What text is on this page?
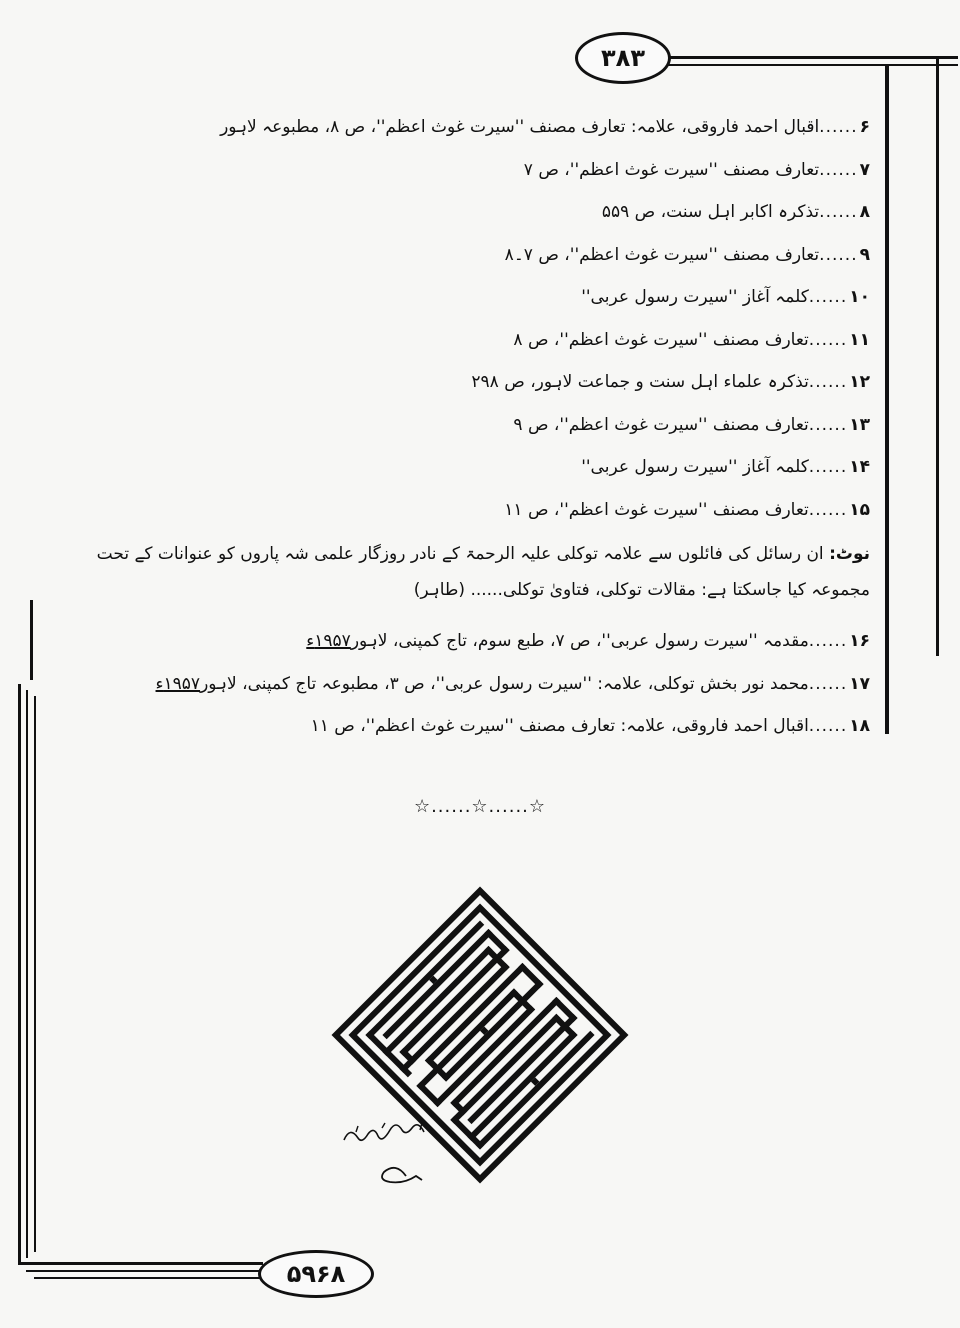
۳۸۳
۶
......
اقبال احمد فاروقی، علامہ: تعارف مصنف ''سیرت غوث اعظم''، ص ۸، مطبوعہ لاہور
۷
......
تعارف مصنف ''سیرت غوث اعظم''، ص ۷
۸
......
تذکرہ اکابر اہل سنت، ص ۵۵۹
۹
......
تعارف مصنف ''سیرت غوث اعظم''، ص ۷۔۸
۱۰
......
کلمہ آغاز ''سیرت رسول عربی''
۱۱
......
تعارف مصنف ''سیرت غوث اعظم''، ص ۸
۱۲
......
تذکرہ علماء اہل سنت و جماعت لاہور، ص ۲۹۸
۱۳
......
تعارف مصنف ''سیرت غوث اعظم''، ص ۹
۱۴
......
کلمہ آغاز ''سیرت رسول عربی''
۱۵
......
تعارف مصنف ''سیرت غوث اعظم''، ص ۱۱
نوٹ: ان رسائل کی فائلوں سے علامہ توکلی علیہ الرحمۃ کے نادر روزگار علمی شہ پاروں کو عنوانات کے تحت مجموعہ کیا جاسکتا ہے: مقالات توکلی، فتاویٰ توکلی...... (طاہر)
۱۶
......
مقدمہ ''سیرت رسول عربی''، ص ۷، طبع سوم، تاج کمپنی، لاہور
۱۹۵۷ء
۱۷
......
محمد نور بخش توکلی، علامہ: ''سیرت رسول عربی''، ص ۳، مطبوعہ تاج کمپنی، لاہور
۱۹۵۷ء
۱۸
......
اقبال احمد فاروقی، علامہ: تعارف مصنف ''سیرت غوث اعظم''، ص ۱۱
☆......☆......☆
۵۹۶۸
